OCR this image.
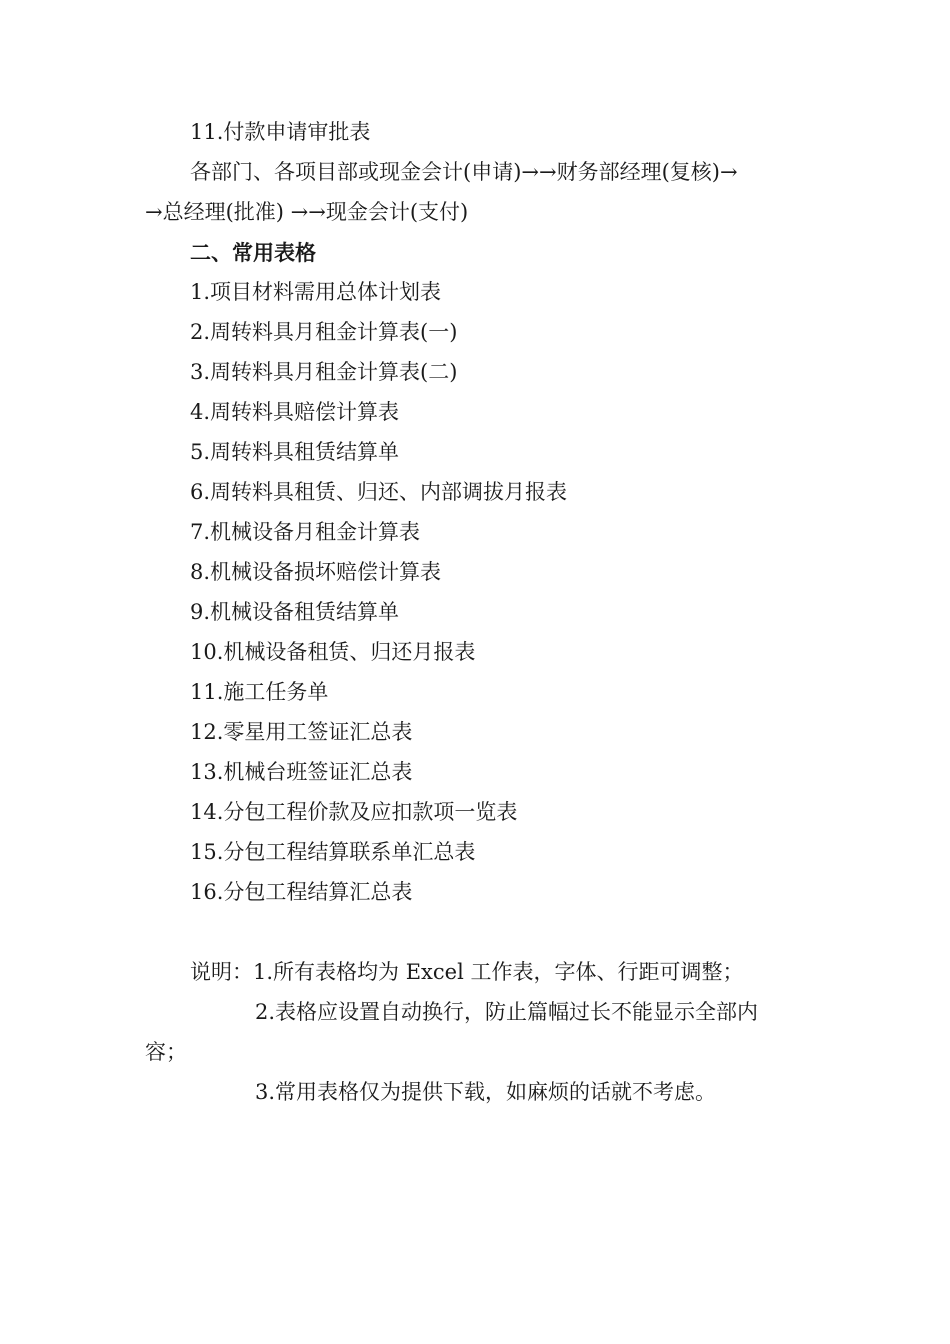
11.付款申请审批表
各部门、各项目部或现金会计(申请)→→财务部经理(复核)→
→总经理(批准) →→现金会计(支付)
二、常用表格
1.项目材料需用总体计划表
2.周转料具月租金计算表(一)
3.周转料具月租金计算表(二)
4.周转料具赔偿计算表
5.周转料具租赁结算单
6.周转料具租赁、归还、内部调拔月报表
7.机械设备月租金计算表
8.机械设备损坏赔偿计算表
9.机械设备租赁结算单
10.机械设备租赁、归还月报表
11.施工任务单
12.零星用工签证汇总表
13.机械台班签证汇总表
14.分包工程价款及应扣款项一览表
15.分包工程结算联系单汇总表
16.分包工程结算汇总表
说明：1.所有表格均为 Excel 工作表，字体、行距可调整；
2.表格应设置自动换行，防止篇幅过长不能显示全部内
容；
3.常用表格仅为提供下载，如麻烦的话就不考虑。
